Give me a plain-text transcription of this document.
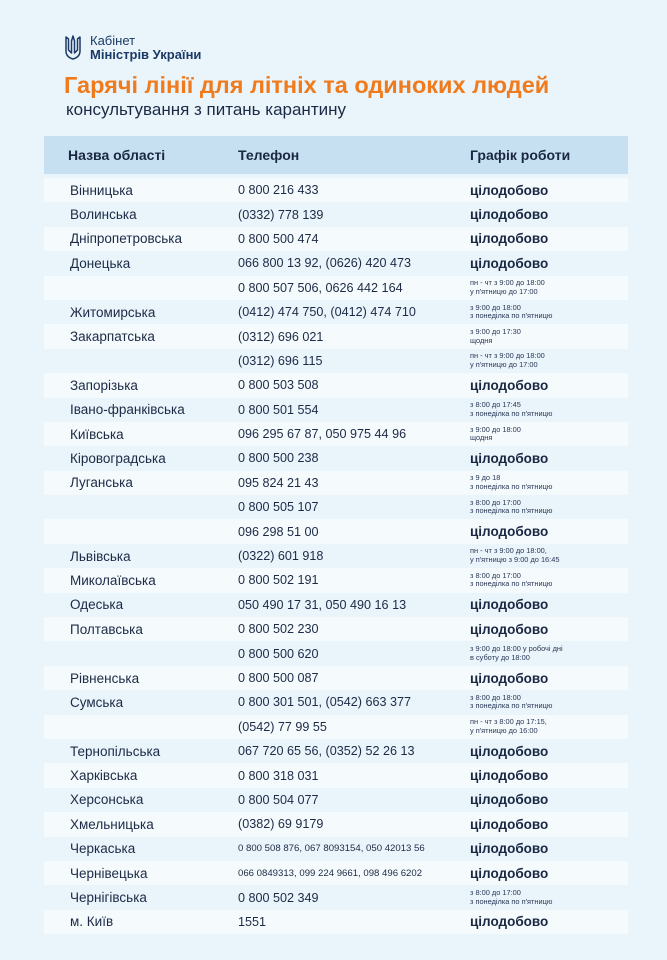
Кабінет
Міністрів України
Гарячі лінії для літніх та одиноких людей
консультування з питань карантину
Назва області	Телефон	Графік роботи
Вінницька	0 800 216 433	цілодобово
Волинська	(0332) 778 139	цілодобово
Дніпропетровська	0 800 500 474	цілодобово
Донецька	066 800 13 92, (0626) 420 473	цілодобово
0 800 507 506, 0626 442 164	пн - чт з 9:00 до 18:00
у п'ятницю до 17:00
Житомирська	(0412) 474 750, (0412) 474 710	з 9:00 до 18:00
з понеділка по п'ятницю
Закарпатська	(0312) 696 021	з 9:00 до 17:30
щодня
(0312) 696 115	пн - чт з 9:00 до 18:00
у п'ятницю до 17:00
Запорізька	0 800 503 508	цілодобово
Івано-франківська	0 800 501 554	з 8:00 до 17:45
з понеділка по п'ятницю
Київська	096 295 67 87, 050 975 44 96	з 9:00 до 18:00
щодня
Кіровоградська	0 800 500 238	цілодобово
Луганська	095 824 21 43	з 9 до 18
з понеділка по п'ятницю
0 800 505 107	з 8:00 до 17:00
з понеділка по п'ятницю
096 298 51 00	цілодобово
Львівська	(0322) 601 918	пн - чт з 9:00 до 18:00,
у п'ятницю з 9:00 до 16:45
Миколаївська	0 800 502 191	з 8:00 до 17:00
з понеділка по п'ятницю
Одеська	050 490 17 31, 050 490 16 13	цілодобово
Полтавська	0 800 502 230	цілодобово
0 800 500 620	з 9:00 до 18:00 у робочі дні
в суботу до 18:00
Рівненська	0 800 500 087	цілодобово
Сумська	0 800 301 501, (0542) 663 377	з 8:00 до 18:00
з понеділка по п'ятницю
(0542) 77 99 55	пн - чт з 8:00 до 17:15,
у п'ятницю до 16:00
Тернопільська	067 720 65 56, (0352) 52 26 13	цілодобово
Харківська	0 800 318 031	цілодобово
Херсонська	0 800 504 077	цілодобово
Хмельницька	(0382) 69 9179	цілодобово
Черкаська	0 800 508 876, 067 8093154, 050 42013 56	цілодобово
Чернівецька	066 0849313, 099 224 9661, 098 496 6202	цілодобово
Чернігівська	0 800 502 349	з 8:00 до 17:00
з понеділка по п'ятницю
м. Київ	1551	цілодобово
